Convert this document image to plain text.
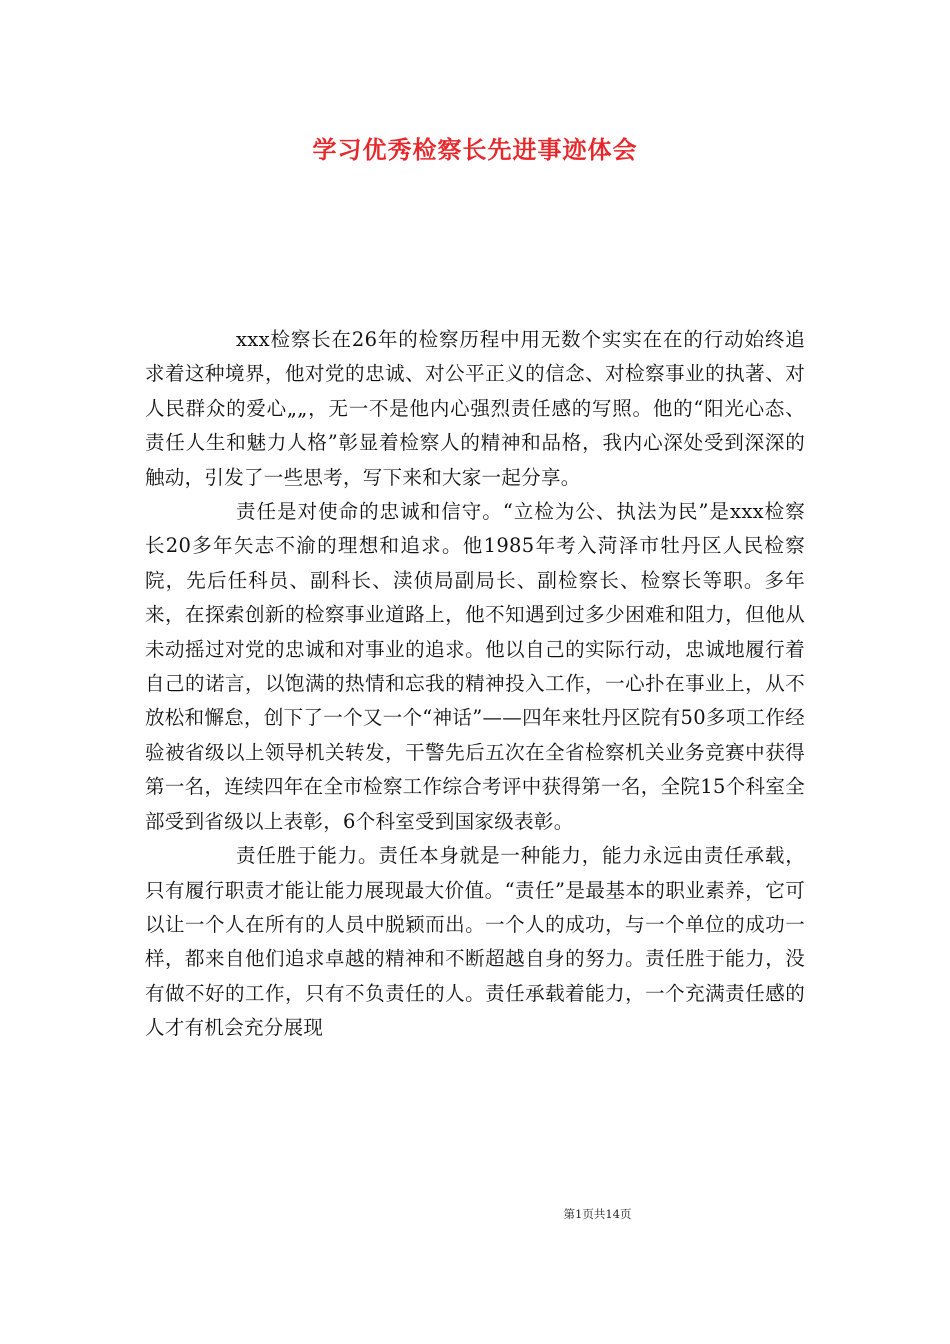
学习优秀检察长先进事迹体会

xxx检察长在26年的检察历程中用无数个实实在在的行动始终追求着这种境界，他对党的忠诚、对公平正义的信念、对检察事业的执著、对人民群众的爱心„„，无一不是他内心强烈责任感的写照。他的“阳光心态、责任人生和魅力人格”彰显着检察人的精神和品格，我内心深处受到深深的触动，引发了一些思考，写下来和大家一起分享。

责任是对使命的忠诚和信守。“立检为公、执法为民”是xxx检察长20多年矢志不渝的理想和追求。他1985年考入菏泽市牡丹区人民检察院，先后任科员、副科长、渎侦局副局长、副检察长、检察长等职。多年来，在探索创新的检察事业道路上，他不知遇到过多少困难和阻力，但他从未动摇过对党的忠诚和对事业的追求。他以自己的实际行动，忠诚地履行着自己的诺言，以饱满的热情和忘我的精神投入工作，一心扑在事业上，从不放松和懈怠，创下了一个又一个“神话”——四年来牡丹区院有50多项工作经验被省级以上领导机关转发，干警先后五次在全省检察机关业务竞赛中获得第一名，连续四年在全市检察工作综合考评中获得第一名，全院15个科室全部受到省级以上表彰，6个科室受到国家级表彰。

责任胜于能力。责任本身就是一种能力，能力永远由责任承载，只有履行职责才能让能力展现最大价值。“责任”是最基本的职业素养，它可以让一个人在所有的人员中脱颖而出。一个人的成功，与一个单位的成功一样，都来自他们追求卓越的精神和不断超越自身的努力。责任胜于能力，没有做不好的工作，只有不负责任的人。责任承载着能力，一个充满责任感的人才有机会充分展现

第1页共14页
